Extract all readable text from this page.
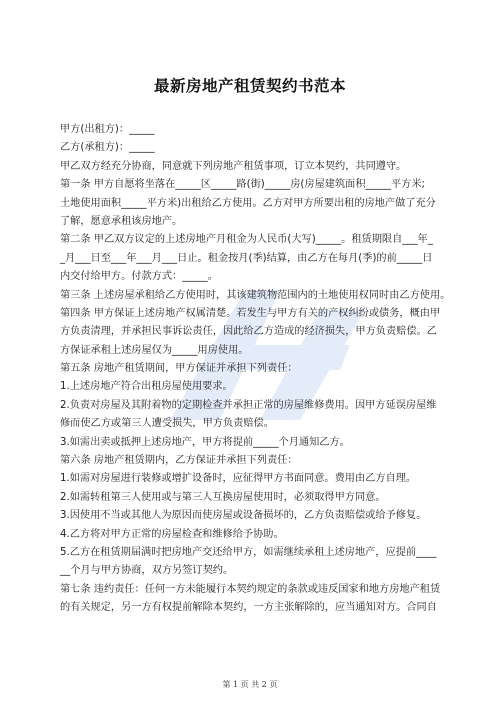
最新房地产租赁契约书范本
甲方(出租方)：_____
乙方(承租方)：_____
甲乙双方经充分协商，同意就下列房地产租赁事项，订立本契约，共同遵守。
第一条 甲方自愿将坐落在_____区_____路(街)_____房(房屋建筑面积_____平方米;
土地使用面积_____平方米)出租给乙方使用。乙方对甲方所要出租的房地产做了充分
了解，愿意承租该房地产。
第二条 甲乙双方议定的上述房地产月租金为人民币(大写)_____。租赁期限自___年_
_月___日至___年___月___日止。租金按月(季)结算，由乙方在每月(季)的前_____日
内交付给甲方。付款方式：_____。
第三条 上述房屋承租给乙方使用时，其该建筑物范围内的土地使用权同时由乙方使用。
第四条 甲方保证上述房地产权属清楚。若发生与甲方有关的产权纠纷或债务，概由甲
方负责清理，并承担民事诉讼责任，因此给乙方造成的经济损失，甲方负责赔偿。乙
方保证承租上述房屋仅为_____用房使用。
第五条 房地产租赁期间，甲方保证并承担下列责任：
1.上述房地产符合出租房屋使用要求。
2.负责对房屋及其附着物的定期检查并承担正常的房屋维修费用。因甲方延误房屋维
修而使乙方或第三人遭受损失，甲方负责赔偿。
3.如需出卖或抵押上述房地产，甲方将提前_____个月通知乙方。
第六条 房地产租赁期内，乙方保证并承担下列责任：
1.如需对房屋进行装修或增扩设备时，应征得甲方书面同意。费用由乙方自理。
2.如需转租第三人使用或与第三人互换房屋使用时，必须取得甲方同意。
3.因使用不当或其他人为原因而使房屋或设备损坏的，乙方负责赔偿或给予修复。
4.乙方将对甲方正常的房屋检查和维修给予协助。
5.乙方在租赁期届满时把房地产交还给甲方，如需继续承租上述房地产，应提前____
__个月与甲方协商，双方另签订契约。
第七条 违约责任：任何一方未能履行本契约规定的条款或违反国家和地方房地产租赁
的有关规定，另一方有权提前解除本契约，一方主张解除的，应当通知对方。合同自
第 1 页 共 2 页
